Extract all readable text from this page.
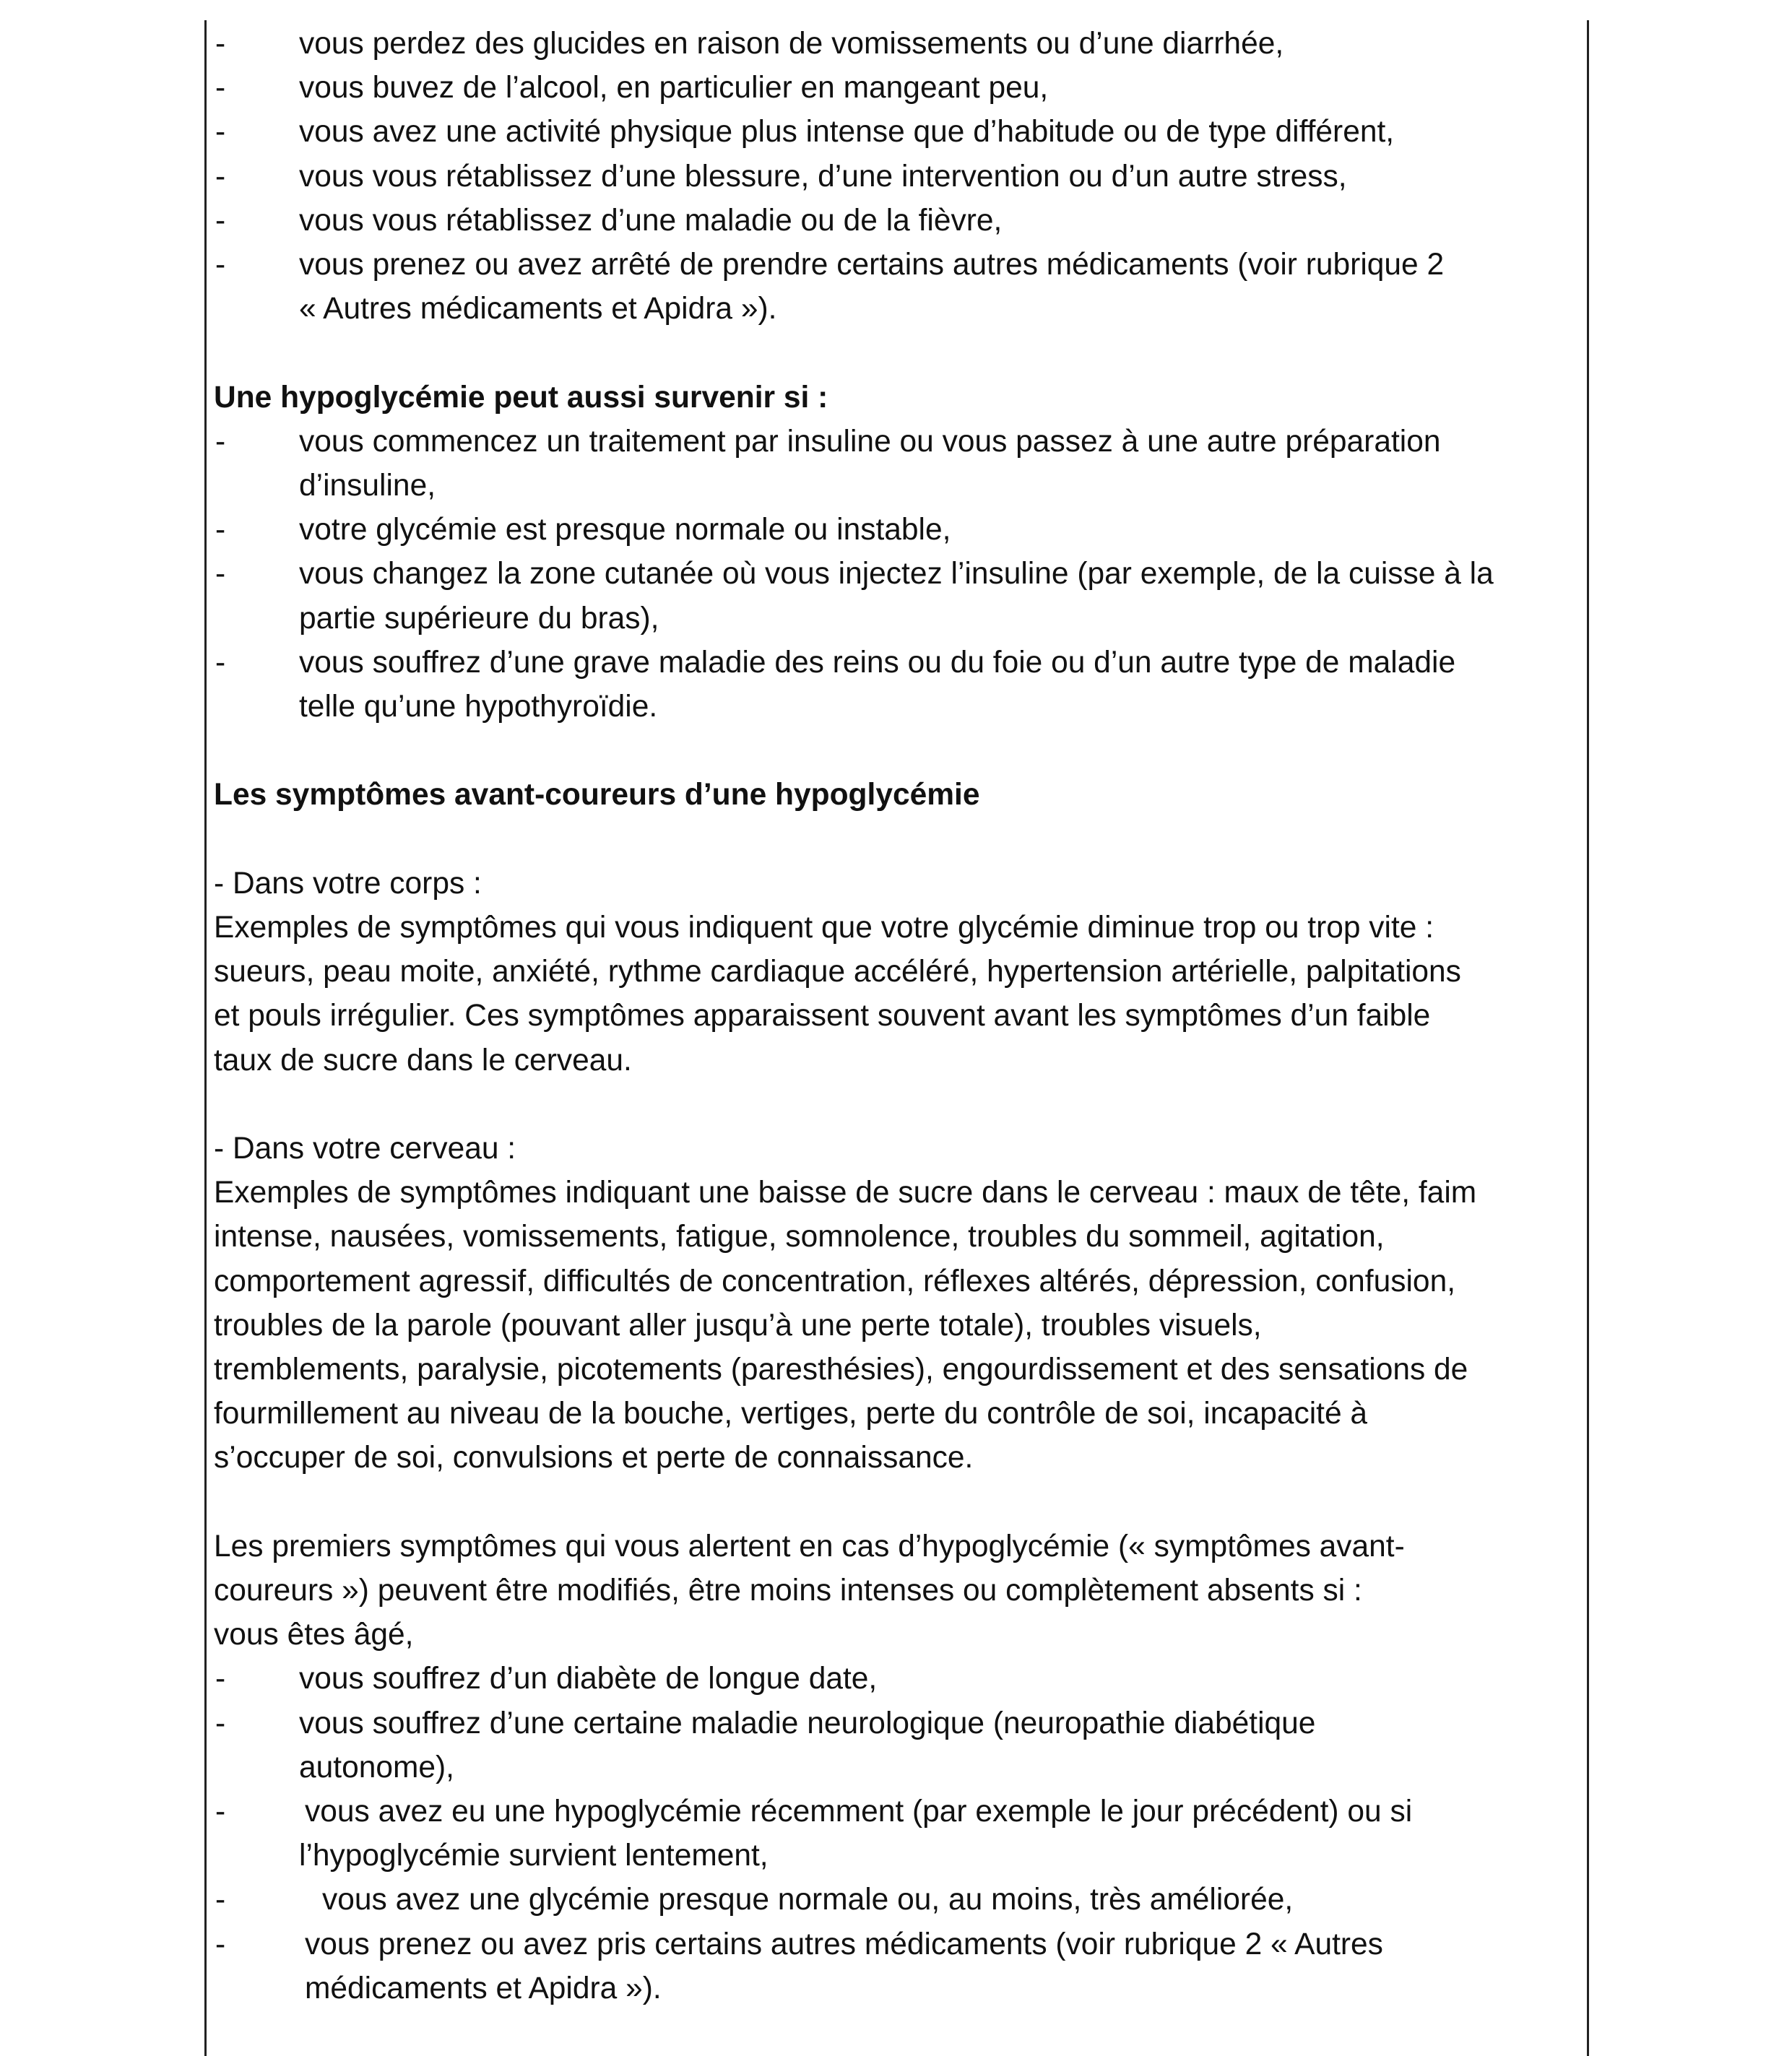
- vous perdez des glucides en raison de vomissements ou d’une diarrhée,
- vous buvez de l’alcool, en particulier en mangeant peu,
- vous avez une activité physique plus intense que d’habitude ou de type différent,
- vous vous rétablissez d’une blessure, d’une intervention ou d’un autre stress,
- vous vous rétablissez d’une maladie ou de la fièvre,
- vous prenez ou avez arrêté de prendre certains autres médicaments (voir rubrique 2
« Autres médicaments et Apidra »).
Une hypoglycémie peut aussi survenir si :
- vous commencez un traitement par insuline ou vous passez à une autre préparation
d’insuline,
- votre glycémie est presque normale ou instable,
- vous changez la zone cutanée où vous injectez l’insuline (par exemple, de la cuisse à la
partie supérieure du bras),
- vous souffrez d’une grave maladie des reins ou du foie ou d’un autre type de maladie
telle qu’une hypothyroïdie.
Les symptômes avant-coureurs d’une hypoglycémie
- Dans votre corps :
Exemples de symptômes qui vous indiquent que votre glycémie diminue trop ou trop vite :
sueurs, peau moite, anxiété, rythme cardiaque accéléré, hypertension artérielle, palpitations
et pouls irrégulier. Ces symptômes apparaissent souvent avant les symptômes d’un faible
taux de sucre dans le cerveau.
- Dans votre cerveau :
Exemples de symptômes indiquant une baisse de sucre dans le cerveau : maux de tête, faim
intense, nausées, vomissements, fatigue, somnolence, troubles du sommeil, agitation,
comportement agressif, difficultés de concentration, réflexes altérés, dépression, confusion,
troubles de la parole (pouvant aller jusqu’à une perte totale), troubles visuels,
tremblements, paralysie, picotements (paresthésies), engourdissement et des sensations de
fourmillement au niveau de la bouche, vertiges, perte du contrôle de soi, incapacité à
s’occuper de soi, convulsions et perte de connaissance.
Les premiers symptômes qui vous alertent en cas d’hypoglycémie (« symptômes avant-
coureurs ») peuvent être modifiés, être moins intenses ou complètement absents si :
vous êtes âgé,
- vous souffrez d’un diabète de longue date,
- vous souffrez d’une certaine maladie neurologique (neuropathie diabétique
autonome),
-	vous avez eu une hypoglycémie récemment (par exemple le jour précédent) ou si
l’hypoglycémie survient lentement,
-	vous avez une glycémie presque normale ou, au moins, très améliorée,
-	vous prenez ou avez pris certains autres médicaments (voir rubrique 2 « Autres
médicaments et Apidra »).
